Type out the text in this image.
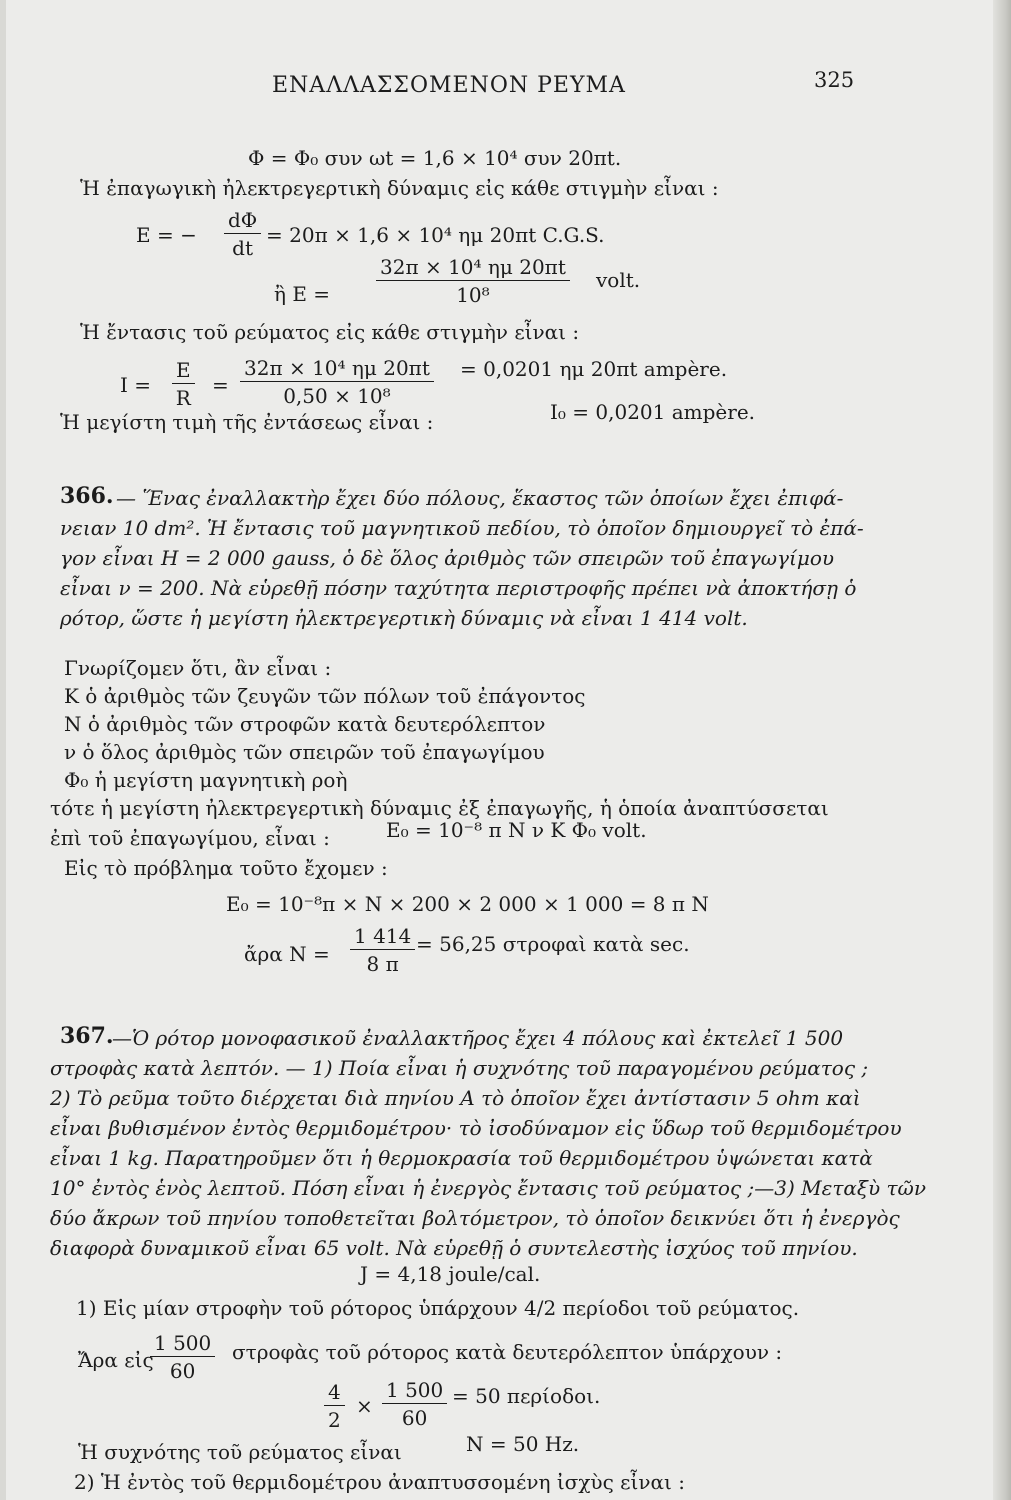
ΕΝΑΛΛΑΣΣΟΜΕΝΟΝ ΡΕΥΜΑ	325
Φ = Φ₀ συν ωt = 1,6 × 10⁴ συν 20πt.
Ἡ ἐπαγωγικὴ ἠλεκτρεγερτικὴ δύναμις εἰς κάθε στιγμὴν εἶναι :
E = −
dΦ
dt
= 20π × 1,6 × 10⁴ ημ 20πt C.G.S.
ἢ E =
32π × 10⁴ ημ 20πt
10⁸
volt.
Ἡ ἔντασις τοῦ ρεύματος εἰς κάθε στιγμὴν εἶναι :
I =
E
R
=
32π × 10⁴ ημ 20πt
0,50 × 10⁸
= 0,0201 ημ 20πt ampère.
Ἡ μεγίστη τιμὴ τῆς ἐντάσεως εἶναι :	I₀ = 0,0201 ampère.
366. — Ἕνας ἐναλλακτὴρ ἔχει δύο πόλους, ἕκαστος τῶν ὁποίων ἔχει ἐπιφά-
νειαν 10 dm². Ἡ ἔντασις τοῦ μαγνητικοῦ πεδίου, τὸ ὁποῖον δημιουργεῖ τὸ ἐπά-
γον εἶναι H = 2 000 gauss, ὁ δὲ ὅλος ἀριθμὸς τῶν σπειρῶν τοῦ ἐπαγωγίμου
εἶναι ν = 200. Νὰ εὑρεθῇ πόσην ταχύτητα περιστροφῆς πρέπει νὰ ἀποκτήσῃ ὁ
ρότορ, ὥστε ἡ μεγίστη ἠλεκτρεγερτικὴ δύναμις νὰ εἶναι 1 414 volt.
Γνωρίζομεν ὅτι, ἂν εἶναι :
K ὁ ἀριθμὸς τῶν ζευγῶν τῶν πόλων τοῦ ἐπάγοντος
N ὁ ἀριθμὸς τῶν στροφῶν κατὰ δευτερόλεπτον
ν ὁ ὅλος ἀριθμὸς τῶν σπειρῶν τοῦ ἐπαγωγίμου
Φ₀ ἡ μεγίστη μαγνητικὴ ροὴ
τότε ἡ μεγίστη ἠλεκτρεγερτικὴ δύναμις ἐξ ἐπαγωγῆς, ἡ ὁποία ἀναπτύσσεται
ἐπὶ τοῦ ἐπαγωγίμου, εἶναι :	E₀ = 10⁻⁸ π N ν K Φ₀ volt.
Εἰς τὸ πρόβλημα τοῦτο ἔχομεν :
E₀ = 10⁻⁸π × N × 200 × 2 000 × 1 000 = 8 π N
ἄρα N =
1 414
8 π
= 56,25 στροφαὶ κατὰ sec.
367.
—Ὁ ρότορ μονοφασικοῦ ἐναλλακτῆρος ἔχει 4 πόλους καὶ ἐκτελεῖ 1 500
στροφὰς κατὰ λεπτόν. — 1) Ποία εἶναι ἡ συχνότης τοῦ παραγομένου ρεύματος ;
2) Τὸ ρεῦμα τοῦτο διέρχεται διὰ πηνίου A τὸ ὁποῖον ἔχει ἀντίστασιν 5 ohm καὶ
εἶναι βυθισμένον ἐντὸς θερμιδομέτρου· τὸ ἰσοδύναμον εἰς ὕδωρ τοῦ θερμιδομέτρου
εἶναι 1 kg. Παρατηροῦμεν ὅτι ἡ θερμοκρασία τοῦ θερμιδομέτρου ὑψώνεται κατὰ
10° ἐντὸς ἑνὸς λεπτοῦ. Πόση εἶναι ἡ ἐνεργὸς ἔντασις τοῦ ρεύματος ;—3) Μεταξὺ τῶν
δύο ἄκρων τοῦ πηνίου τοποθετεῖται βολτόμετρον, τὸ ὁποῖον δεικνύει ὅτι ἡ ἐνεργὸς
διαφορὰ δυναμικοῦ εἶναι 65 volt. Νὰ εὑρεθῇ ὁ συντελεστὴς ἰσχύος τοῦ πηνίου.
J = 4,18 joule/cal.
1) Εἰς μίαν στροφὴν τοῦ ρότορος ὑπάρχουν 4/2 περίοδοι τοῦ ρεύματος.
Ἄρα εἰς
1 500
60
στροφὰς τοῦ ρότορος κατὰ δευτερόλεπτον ὑπάρχουν :
4
2
×
1 500
60
= 50 περίοδοι.
Ἡ συχνότης τοῦ ρεύματος εἶναι	N = 50 Hz.
2) Ἡ ἐντὸς τοῦ θερμιδομέτρου ἀναπτυσσομένη ἰσχὺς εἶναι :
